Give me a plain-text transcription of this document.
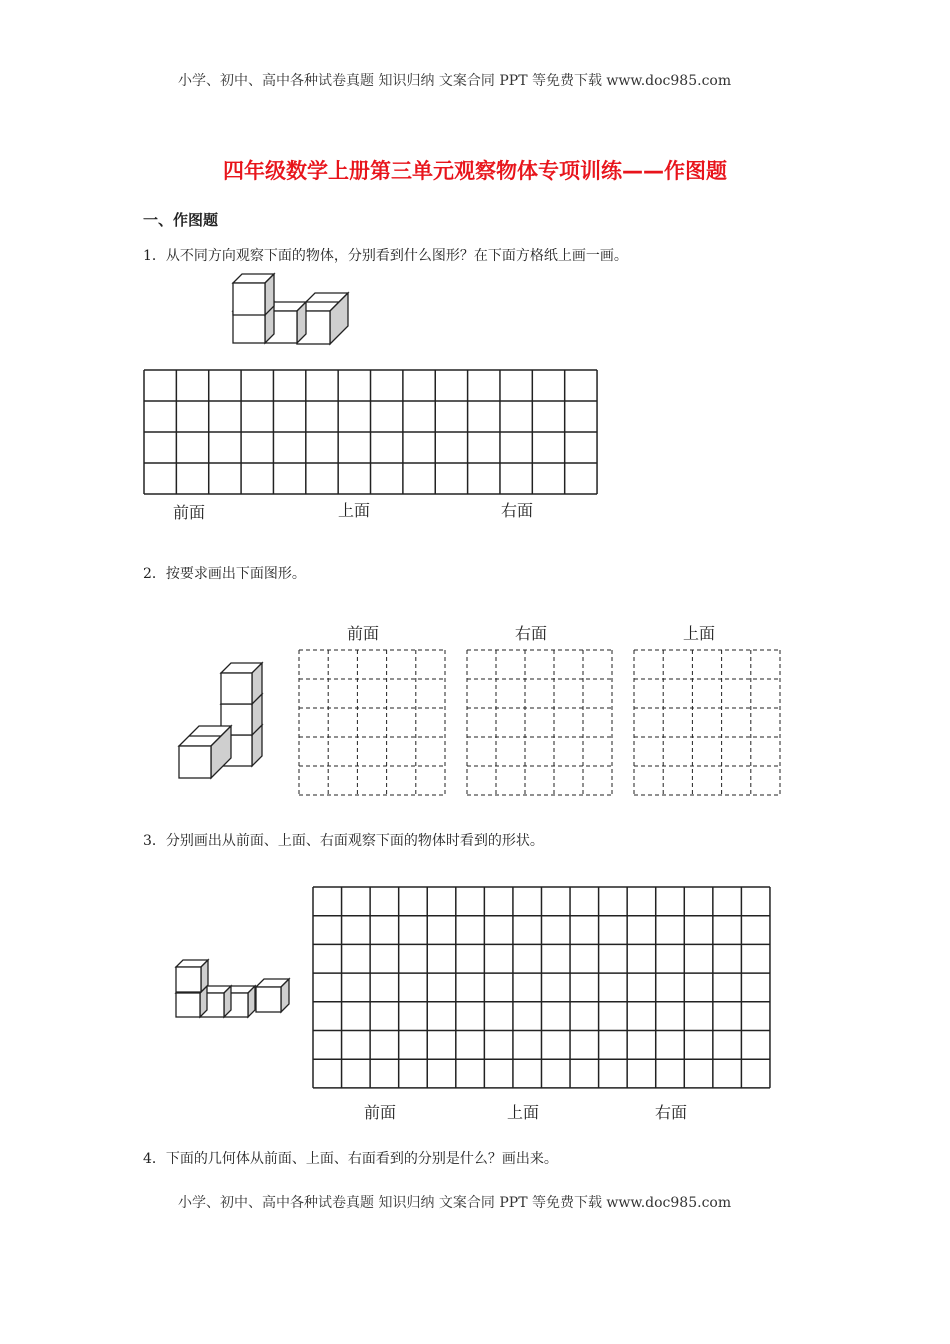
小学、初中、高中各种试卷真题 知识归纳 文案合同 PPT 等免费下载 www.doc985.com
四年级数学上册第三单元观察物体专项训练——作图题
一、作图题
1．从不同方向观察下面的物体，分别看到什么图形？在下面方格纸上画一画。
2．按要求画出下面图形。
3．分别画出从前面、上面、右面观察下面的物体时看到的形状。
4．下面的几何体从前面、上面、右面看到的分别是什么？画出来。
前面	上面	右面
前面	右面	上面
前面	上面	右面
小学、初中、高中各种试卷真题 知识归纳 文案合同 PPT 等免费下载 www.doc985.com
